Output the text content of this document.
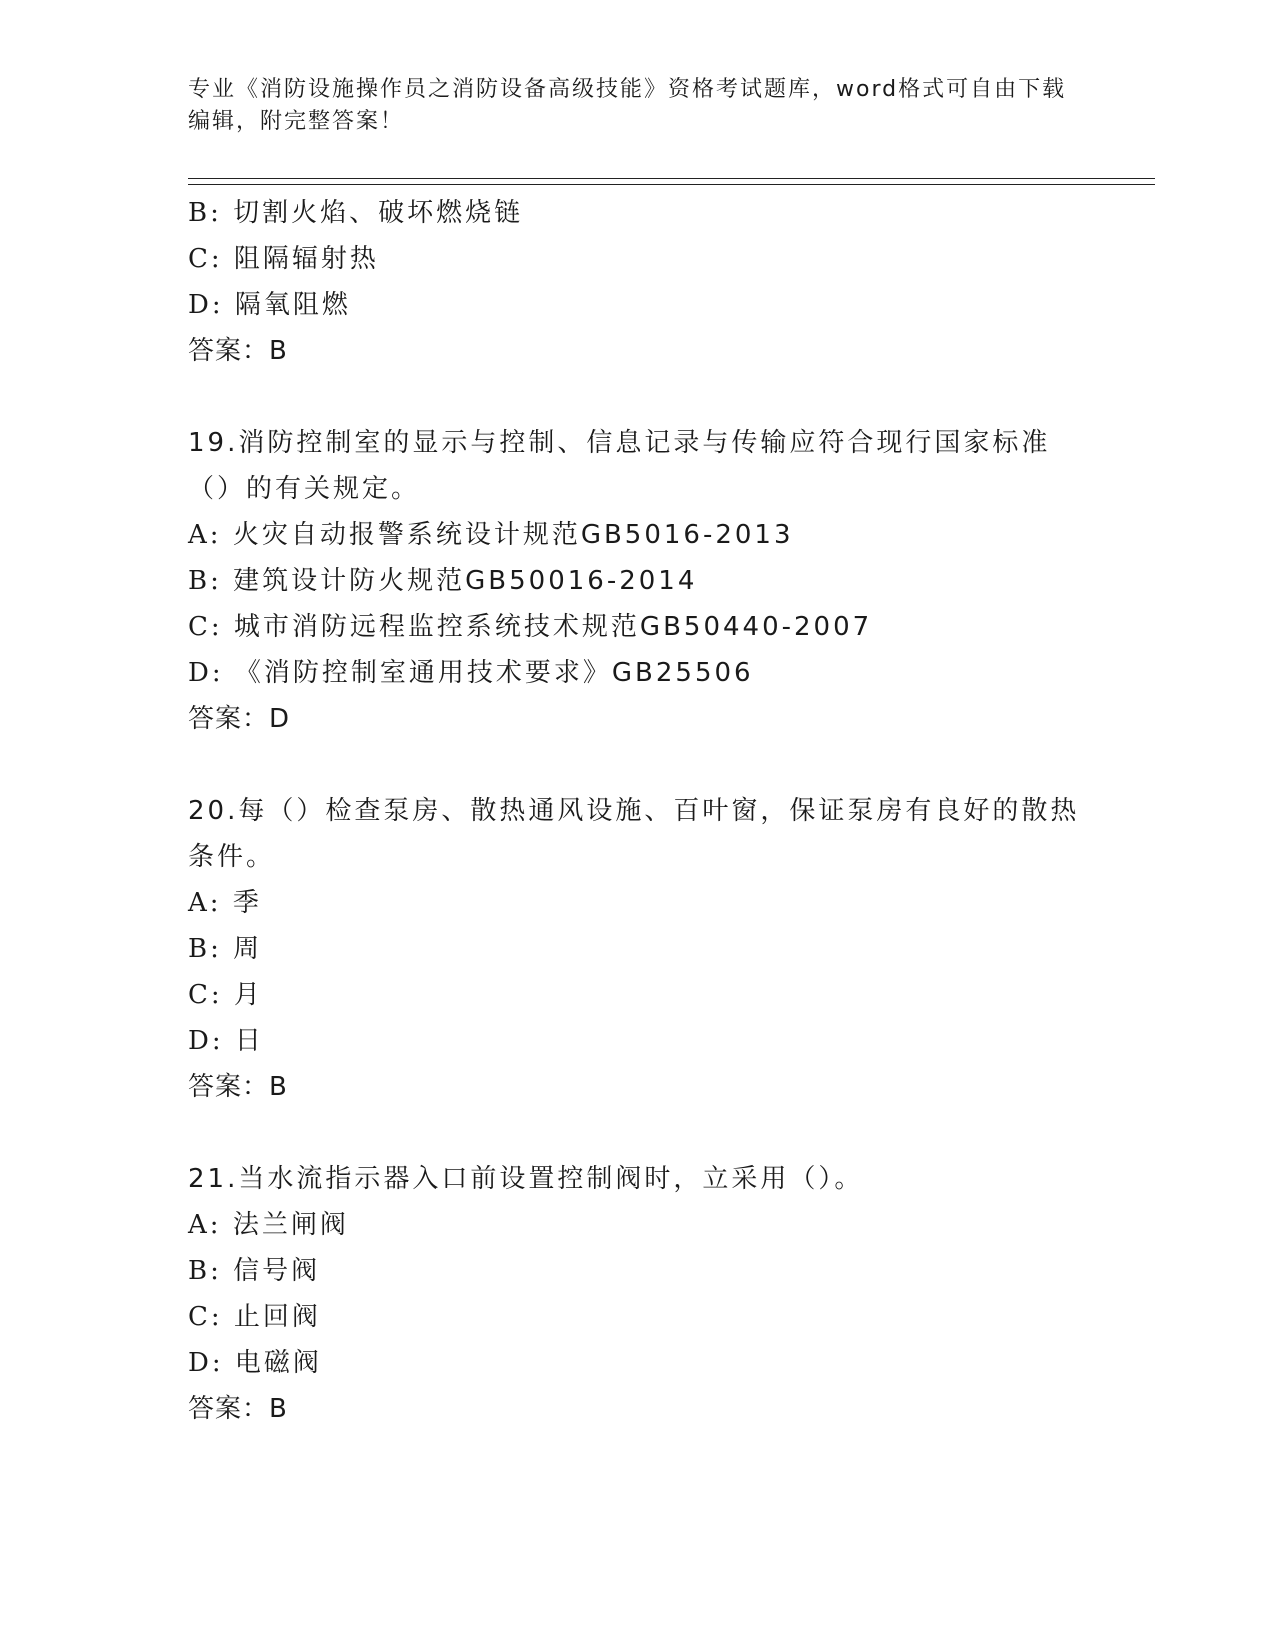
专业《消防设施操作员之消防设备高级技能》资格考试题库，word格式可自由下载编辑，附完整答案！
B: 切割火焰、破坏燃烧链
C: 阻隔辐射热
D: 隔氧阻燃
答案：B
19.消防控制室的显示与控制、信息记录与传输应符合现行国家标准（）的有关规定。
A: 火灾自动报警系统设计规范GB5016-2013
B: 建筑设计防火规范GB50016-2014
C: 城市消防远程监控系统技术规范GB50440-2007
D: 《消防控制室通用技术要求》GB25506
答案：D
20.每（）检查泵房、散热通风设施、百叶窗，保证泵房有良好的散热条件。
A: 季
B: 周
C: 月
D: 日
答案：B
21.当水流指示器入口前设置控制阀时，立采用（）。
A: 法兰闸阀
B: 信号阀
C: 止回阀
D: 电磁阀
答案：B
